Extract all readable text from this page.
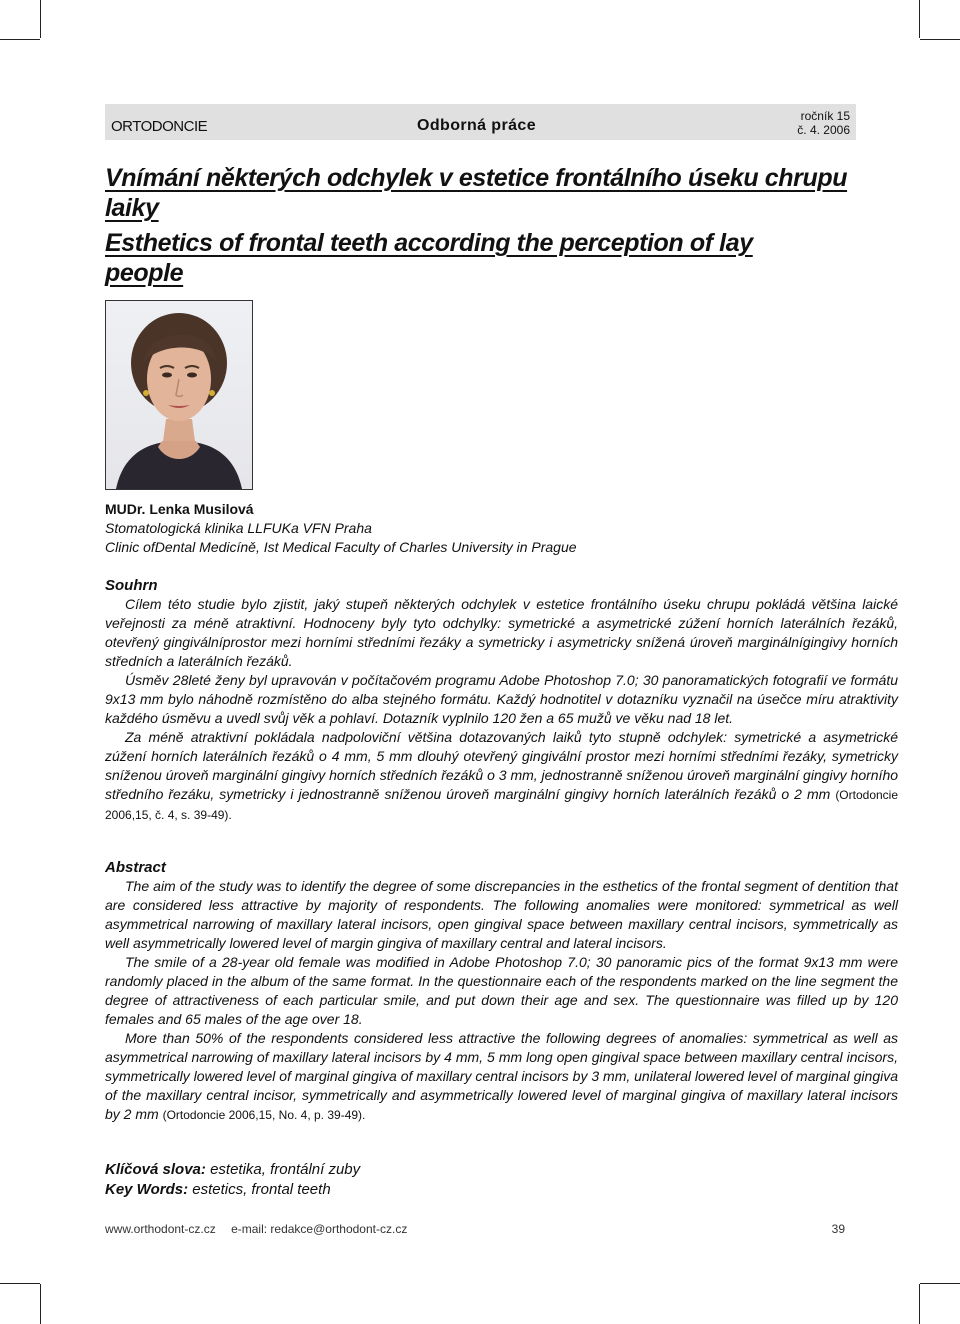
ORTODONCIE	Odborná práce
ročník 15
č. 4. 2006
Vnímání některých odchylek v estetice frontálního úseku chrupu laiky
Esthetics of frontal teeth according the perception of lay people
MUDr. Lenka Musilová
Stomatologická klinika LLFUKa VFN Praha
Clinic ofDental Medicíně, Ist Medical Faculty of Charles University in Prague
Souhrn

Cílem této studie bylo zjistit, jaký stupeň některých odchylek v estetice frontálního úseku chrupu pokládá většina laické veřejnosti za méně atraktivní. Hodnoceny byly tyto odchylky: symetrické a asymetrické zúžení horních laterálních řezáků, otevřený gingiválníprostor mezi horními středními řezáky a symetricky i asymetricky snížená úroveň marginálnígingivy horních středních a laterálních řezáků.

Úsměv 28leté ženy byl upravován v počítačovém programu Adobe Photoshop 7.0; 30 panoramatických fotografií ve formátu 9x13 mm bylo náhodně rozmístěno do alba stejného formátu. Každý hodnotitel v dotazníku vyznačil na úsečce míru atraktivity každého úsměvu a uvedl svůj věk a pohlaví. Dotazník vyplnilo 120 žen a 65 mužů ve věku nad 18 let.

Za méně atraktivní pokládala nadpoloviční většina dotazovaných laiků tyto stupně odchylek: symetrické a asymetrické zúžení horních laterálních řezáků o 4 mm, 5 mm dlouhý otevřený gingivální prostor mezi horními středními řezáky, symetricky sníženou úroveň marginální gingivy horních středních řezáků o 3 mm, jednostranně sníženou úroveň marginální gingivy horního středního řezáku, symetricky i jednostranně sníženou úroveň marginální gingivy horních laterálních řezáků o 2 mm (Ortodoncie 2006,15, č. 4, s. 39-49).

Abstract

The aim of the study was to identify the degree of some discrepancies in the esthetics of the frontal segment of dentition that are considered less attractive by majority of respondents. The following anomalies were monitored: symmetrical as well asymmetrical narrowing of maxillary lateral incisors, open gingival space between maxillary central incisors, symmetrically as well asymmetrically lowered level of margin gingiva of maxillary central and lateral incisors.

The smile of a 28-year old female was modified in Adobe Photoshop 7.0; 30 panoramic pics of the format 9x13 mm were randomly placed in the album of the same format. In the questionnaire each of the respondents marked on the line segment the degree of attractiveness of each particular smile, and put down their age and sex. The questionnaire was filled up by 120 females and 65 males of the age over 18.

More than 50% of the respondents considered less attractive the following degrees of anomalies: symmetrical as well as asymmetrical narrowing of maxillary lateral incisors by 4 mm, 5 mm long open gingival space between maxillary central incisors, symmetrically lowered level of marginal gingiva of maxillary central incisors by 3 mm, unilateral lowered level of marginal gingiva of the maxillary central incisor, symmetrically and asymmetrically lowered level of marginal gingiva of maxillary lateral incisors by 2 mm (Ortodoncie 2006,15, No. 4, p. 39-49).

Klíčová slova: estetika, frontální zuby
Key Words: estetics, frontal teeth
www.orthodont-cz.cz e-mail: redakce@orthodont-cz.cz	39
